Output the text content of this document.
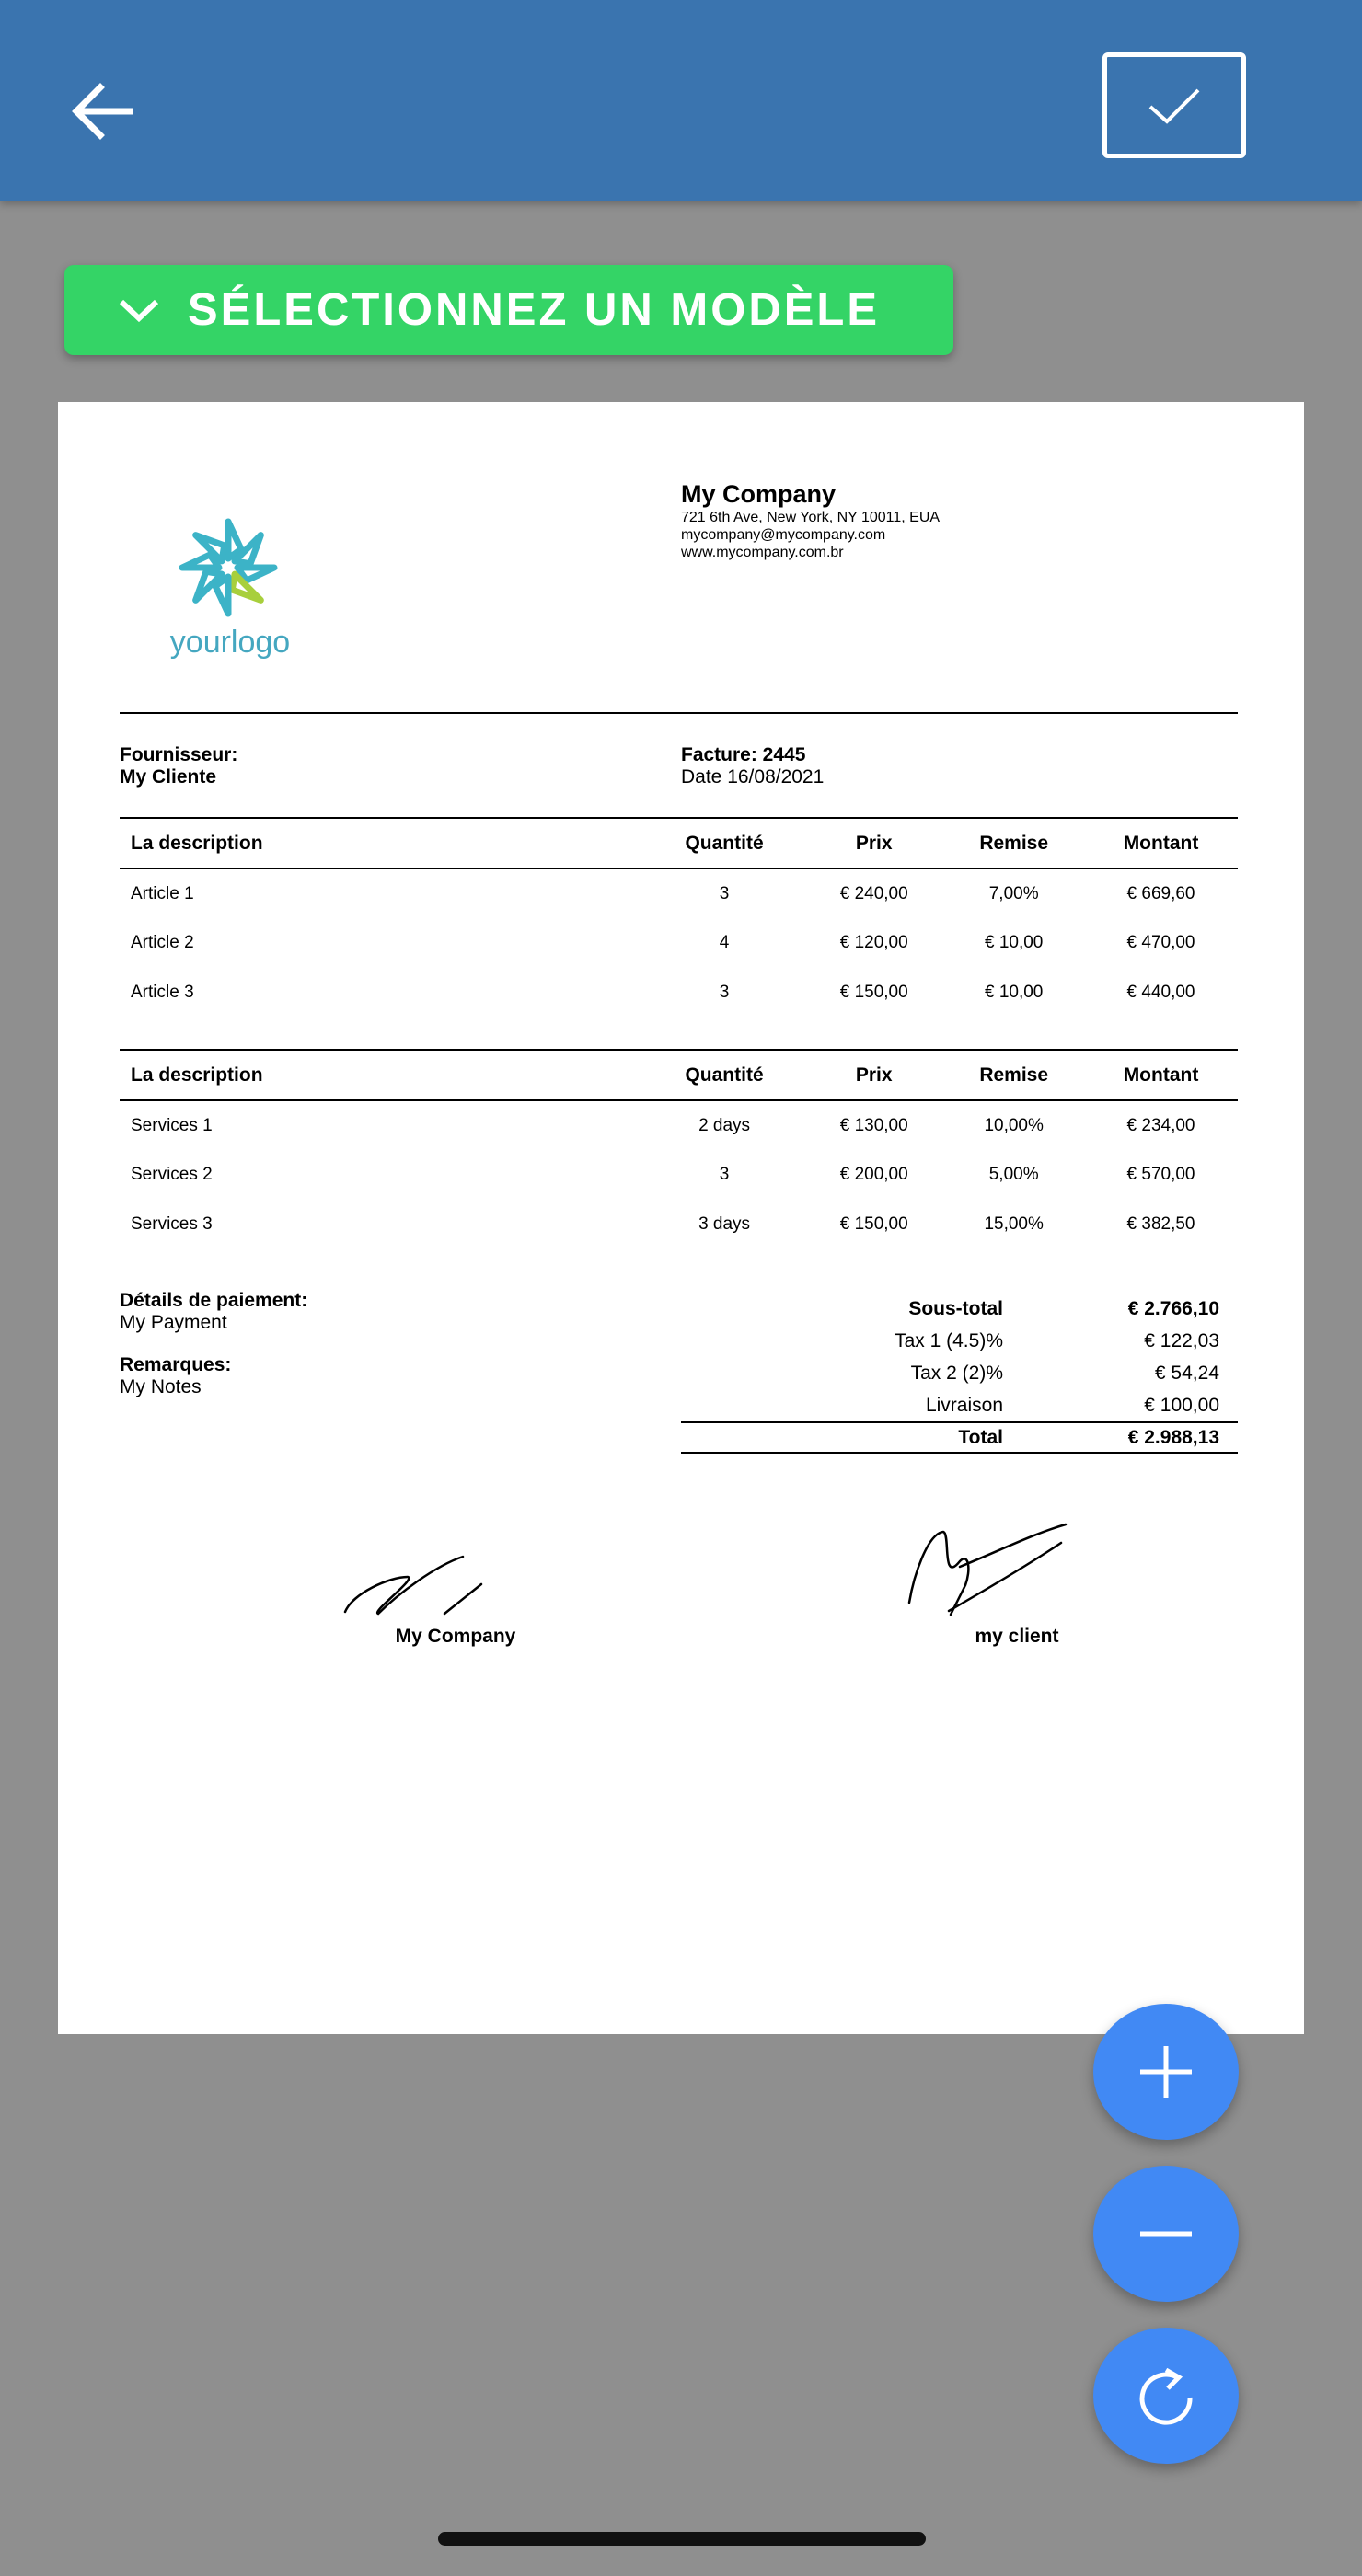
SÉLECTIONNEZ UN MODÈLE
yourlogo
My Company
721 6th Ave, New York, NY 10011, EUA
mycompany@mycompany.com
www.mycompany.com.br
Fournisseur:
My Cliente
Facture: 2445
Date 16/08/2021
La description	Quantité	Prix	Remise	Montant
Article 1	3	€ 240,00	7,00%	€ 669,60
Article 2	4	€ 120,00	€ 10,00	€ 470,00
Article 3	3	€ 150,00	€ 10,00	€ 440,00
La description	Quantité	Prix	Remise	Montant
Services 1	2 days	€ 130,00	10,00%	€ 234,00
Services 2	3	€ 200,00	5,00%	€ 570,00
Services 3	3 days	€ 150,00	15,00%	€ 382,50
Détails de paiement:
My Payment
Remarques:
My Notes
Sous-total	€ 2.766,10
Tax 1 (4.5)%	€ 122,03
Tax 2 (2)%	€ 54,24
Livraison	€ 100,00
Total	€ 2.988,13
My Company	my client
